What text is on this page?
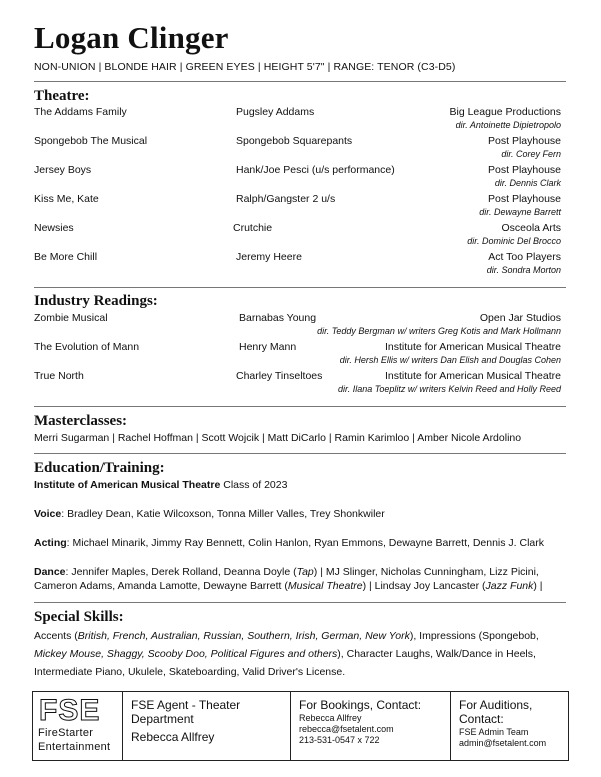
Logan Clinger
NON-UNION | BLONDE HAIR | GREEN EYES | HEIGHT 5'7" | RANGE: TENOR (C3-D5)
Theatre:
The Addams Family	Pugsley Addams	Big League Productions
dir. Antoinette Dipietropolo
Spongebob The Musical	Spongebob Squarepants	Post Playhouse
dir. Corey Fern
Jersey Boys	Hank/Joe Pesci (u/s performance)	Post Playhouse
dir. Dennis Clark
Kiss Me, Kate	Ralph/Gangster 2 u/s	Post Playhouse
dir. Dewayne Barrett
Newsies	Crutchie	Osceola Arts
dir. Dominic Del Brocco
Be More Chill	Jeremy Heere	Act Too Players
dir. Sondra Morton
Industry Readings:
Zombie Musical	Barnabas Young	Open Jar Studios
dir. Teddy Bergman w/ writers Greg Kotis and Mark Hollmann
The Evolution of Mann	Henry Mann	Institute for American Musical Theatre
dir. Hersh Ellis w/ writers Dan Elish and Douglas Cohen
True North	Charley Tinseltoes	Institute for American Musical Theatre
dir. Ilana Toeplitz w/ writers Kelvin Reed and Holly Reed
Masterclasses:
Merri Sugarman | Rachel Hoffman | Scott Wojcik | Matt DiCarlo | Ramin Karimloo | Amber Nicole Ardolino
Education/Training:
Institute of American Musical Theatre Class of 2023
Voice: Bradley Dean, Katie Wilcoxson, Tonna Miller Valles, Trey Shonkwiler
Acting: Michael Minarik, Jimmy Ray Bennett, Colin Hanlon, Ryan Emmons, Dewayne Barrett, Dennis J. Clark
Dance: Jennifer Maples, Derek Rolland, Deanna Doyle (Tap) | MJ Slinger, Nicholas Cunningham, Lizz Picini,
Cameron Adams, Amanda Lamotte, Dewayne Barrett (Musical Theatre) | Lindsay Joy Lancaster (Jazz Funk) |
Special Skills:
Accents (British, French, Australian, Russian, Southern, Irish, German, New York), Impressions (Spongebob,
Mickey Mouse, Shaggy, Scooby Doo, Political Figures and others), Character Laughs, Walk/Dance in Heels,
Intermediate Piano, Ukulele, Skateboarding, Valid Driver's License.
FSE
FireStarter
Entertainment
FSE Agent - Theater Department
Rebecca Allfrey
For Bookings, Contact:
Rebecca Allfrey
rebecca@fsetalent.com
213-531-0547 x 722
For Auditions, Contact:
FSE Admin Team
admin@fsetalent.com
